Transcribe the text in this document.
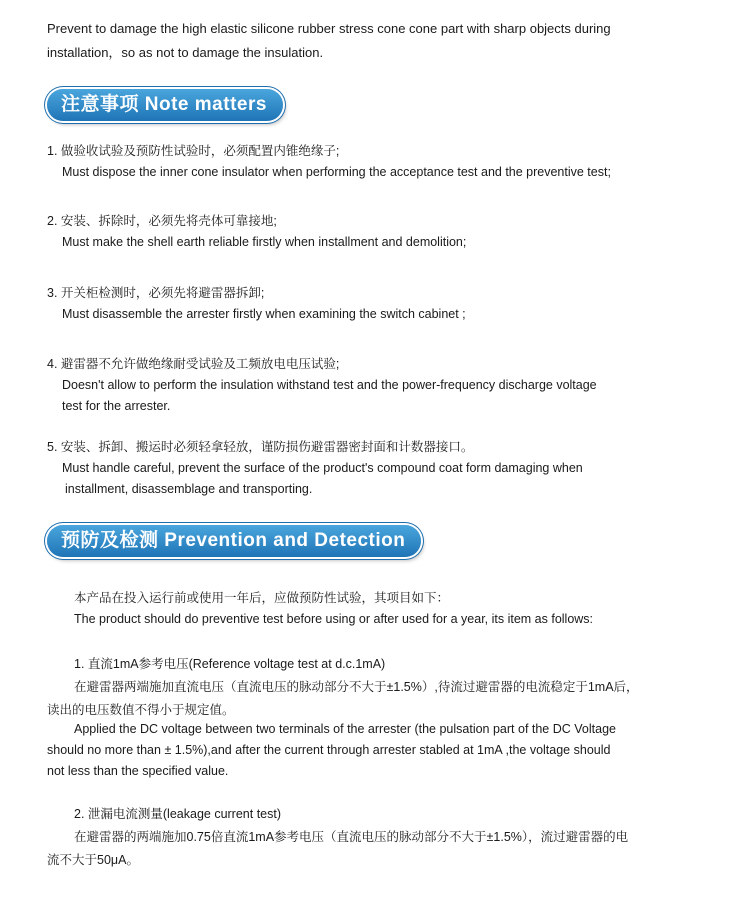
Prevent to damage the high elastic silicone rubber stress cone cone part with sharp objects during
installation，so as not to damage the insulation.
注意事项 Note matters
1. 做验收试验及预防性试验时，必须配置内锥绝缘子;
Must dispose the inner cone insulator when performing the acceptance test and the preventive test;
2. 安装、拆除时，必须先将壳体可靠接地;
Must make the shell earth reliable firstly when installment and demolition;
3. 开关柜检测时，必须先将避雷器拆卸;
Must disassemble the arrester firstly when examining the switch cabinet ;
4. 避雷器不允许做绝缘耐受试验及工频放电电压试验;
Doesn't allow to perform the insulation withstand test and the power-frequency discharge voltage
test for the arrester.
5. 安装、拆卸、搬运时必须轻拿轻放，谨防损伤避雷器密封面和计数器接口。
Must handle careful, prevent the surface of the product's compound coat form damaging when
installment, disassemblage and transporting.
预防及检测 Prevention and Detection
本产品在投入运行前或使用一年后，应做预防性试验，其项目如下：
The product should do preventive test before using or after used for a year, its item as follows:
1. 直流1mA参考电压(Reference voltage test at d.c.1mA)
在避雷器两端施加直流电压（直流电压的脉动部分不大于±1.5%）,待流过避雷器的电流稳定于1mA后，
读出的电压数值不得小于规定值。
Applied the DC voltage between two terminals of the arrester (the pulsation part of the DC Voltage
should no more than ± 1.5%),and after the current through arrester stabled at 1mA ,the voltage should
not less than the specified value.
2. 泄漏电流测量(leakage current test)
在避雷器的两端施加0.75倍直流1mA参考电压（直流电压的脉动部分不大于±1.5%），流过避雷器的电
流不大于50μA。
